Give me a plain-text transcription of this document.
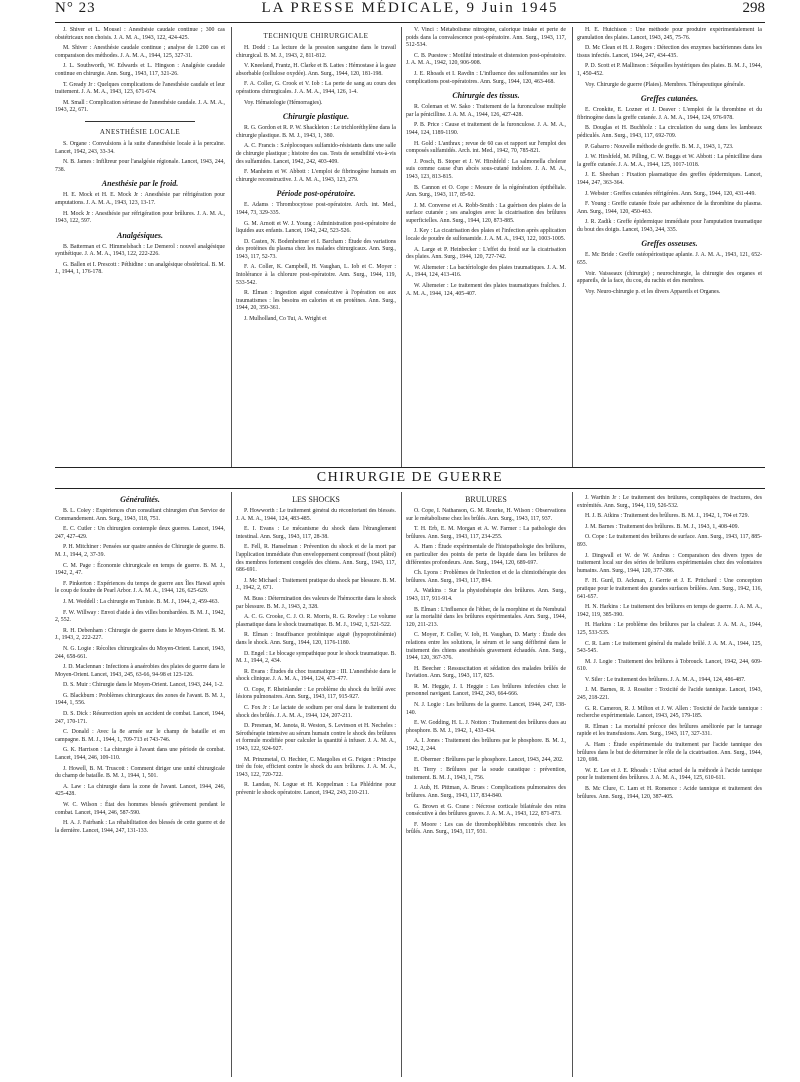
N° 23	LA PRESSE MÉDICALE, 9 Juin 1945	298

J. Shiver et L. Mousel : Anesthésie caudale continue ; 300 cas obstétricaux non choisis. J. A. M. A., 1943, 122, 424-425.

M. Shiver : Anesthésie caudale continue ; analyse de 1.200 cas et comparaison des méthodes. J. A. M. A., 1944, 125, 327-31.

J. L. Southworth, W. Edwards et L. Hingson : Analgésie caudale continue en chirurgie. Ann. Surg., 1943, 117, 321-26.

T. Gready Jr : Quelques complications de l'anesthésie caudale et leur traitement. J. A. M. A., 1943, 123, 671-674.

M. Small : Complication sérieuse de l'anesthésie caudale. J. A. M. A., 1943, 22, 671.

ANESTHÉSIE LOCALE

S. Organe : Convulsions à la suite d'anesthésie locale à la percaïne. Lancet, 1942, 243, 33-34.

N. B. James : Infiltreur pour l'analgésie régionale. Lancet, 1943, 244, 738.

Anesthésie par le froid.

H. E. Mock et H. E. Mock Jr : Anesthésie par réfrigération pour amputations. J. A. M. A., 1943, 123, 13-17.

H. Mock Jr : Anesthésie par réfrigération pour brûlures. J. A. M. A., 1943, 122, 597.

Analgésiques.

B. Batterman et C. Himmelsbach : Le Demerol : nouvel analgésique synthétique. J. A. M. A., 1943, 122, 222-226.

G. Ballen et I. Prescott : Péthidine : un analgésique obstétrical. B. M. J., 1944, 1, 176-178.

TECHNIQUE CHIRURGICALE

H. Dodd : La lecture de la pression sanguine dans le travail chirurgical. B. M. J., 1943, 2, 811-812.

V. Kneeland, Frantz, H. Clarke et B. Lattes : Hémostase à la gaze absorbable (cellulose oxydée). Ann. Surg., 1944, 120, 181-198.

F. A. Coller, G. Crook et V. Iob : La perte de sang au cours des opérations chirurgicales. J. A. M. A., 1944, 126, 1-4.

Voy. Hématologie (Hémorragies).

Chirurgie plastique.

R. G. Gordon et R. P. W. Shackleton : Le trichloréthylène dans la chirurgie plastique. B. M. J., 1943, 1, 380.

A. C. Francis : S.réplocoques sulfamido-résistants dans une salle de chirurgie plastique ; histoire des cas. Tests de sensibilité vis-à-vis des sulfamides. Lancet, 1942, 242, 403-409.

F. Manheim et W. Abbott : L'emploi de fibrinogène humain en chirurgie reconstructive. J. A. M. A., 1943, 123, 279.

Période post-opératoire.

E. Adams : Thrombocytose post-opératoire. Arch. int. Med., 1944, 73, 329-335.

G. M. Arnott et W. J. Young : Administration post-opératoire de liquides aux enfants. Lancet, 1942, 242, 523-526.

D. Casten, N. Bodenheimer et I. Barcham : Étude des variations des protéines du plasma chez les malades chirurgicaux. Ann. Surg., 1943, 117, 52-73.

F. A. Coller, K. Campbell, H. Vaughan, L. Iob et C. Moyer : Intolérance à la chlorure post-opératoire. Ann. Surg., 1944, 119, 533-542.

R. Elman : Ingestion aiguë consécutive à l'opération ou aux traumatismes : les besoins en calories et en protéines. Ann. Surg., 1944, 20, 350-361.

J. Mulholland, Co Tui, A. Wright et

V. Vinci : Métabolisme nitrogène, calorique intake et perte de poids dans la convalescence post-opératoire. Ann. Surg., 1943, 117, 512-534.

C. B. Puestow : Motilité intestinale et distension post-opératoire. J. A. M. A., 1942, 120, 906-908.

J. E. Rhoads et I. Ravdin : L'influence des sulfonamides sur les complications post-opératoires. Ann. Surg., 1944, 120, 463-468.

Chirurgie des tissus.

R. Coleman et W. Sako : Traitement de la furonculose multiple par la pénicilline. J. A. M. A., 1944, 126, 427-428.

P. B. Price : Cause et traitement de la furonculose. J. A. M. A., 1944, 124, 1189-1190.

H. Gold : L'anthrax ; revue de 60 cas et rapport sur l'emploi des composés sulfamidés. Arch. int. Med., 1942, 70, 785-821.

J. Posch, B. Stoper et J. W. Hirshfeld : La salmonella choleræ suis comme cause d'un abcès sous-cutané indolore. J. A. M. A., 1943, 123, 813-815.

B. Cannon et O. Cope : Mesure de la régénération épithéliale. Ann. Surg., 1943, 117, 85-92.

J. M. Converse et A. Robb-Smith : La guérison des plaies de la surface cutanée ; ses analogies avec la cicatrisation des brûlures superficielles. Ann. Surg., 1944, 120, 873-885.

J. Key : La cicatrisation des plaies et l'infection après application locale de poudre de sulfonamide. J. A. M. A., 1943, 122, 1003-1005.

A. Large et P. Heinbecker : L'effet du froid sur la cicatrisation des plaies. Ann. Surg., 1944, 120, 727-742.

W. Altemeier : La bactériologie des plaies traumatiques. J. A. M. A., 1944, 124, 413-416.

W. Altemeier : Le traitement des plaies traumatiques fraîches. J. A. M. A., 1944, 124, 405-407.

H. E. Hutchison : Une méthode pour produire expérimentalement la granulation des plaies. Lancet, 1943, 245, 75-76.

D. Mc Clean et H. J. Rogers : Détection des enzymes bactériennes dans les tissus infectés. Lancet, 1944, 247, 434-435.

P. D. Scott et P. Mallinson : Séquelles hystériques des plaies. B. M. J., 1944, 1, 450-452.

Voy. Chirurgie de guerre (Plaies). Membres. Thérapeutique générale.

Greffes cutanées.

E. Cronkite, E. Lozner et J. Deaver : L'emploi de la thrombine et du fibrinogène dans la greffe cutanée. J. A. M. A., 1944, 124, 976-978.

B. Douglas et H. Buchholz : La circulation du sang dans les lambeaux pédiculés. Ann. Surg., 1943, 117, 692-709.

P. Gabarro : Nouvelle méthode de greffe. B. M. J., 1943, 1, 723.

J. W. Hirshfeld, M. Pilling, C. W. Buggs et W. Abbott : La pénicilline dans la greffe cutanée. J. A. M. A., 1944, 125, 1017-1018.

J. E. Sheehan : Fixation plasmatique des greffes épidermiques. Lancet, 1944, 247, 363-364.

J. Webster : Greffes cutanées réfrigérées. Ann. Surg., 1944, 120, 431-449.

F. Young : Greffe cutanée fixée par adhérence de la thrombine du plasma. Ann. Surg., 1944, 120, 450-463.

J. R. Zadik : Greffe épidermique immédiate pour l'amputation traumatique du bout des doigts. Lancet, 1943, 244, 335.

Greffes osseuses.

E. Mc Bride : Greffe ostéopériostique aplanie. J. A. M. A., 1943, 121, 652-655.

Voir. Vaisseaux (chirurgie) ; neurochirurgie, la chirurgie des organes et appareils, de la face, du cou, du rachis et des membres.

Voy. Neuro-chirurgie p. et les divers Appareils et Organes.

CHIRURGIE DE GUERRE
Généralités.	LES SHOCKS	BRULURES

B. L. Coley : Expériences d'un consultant chirurgien d'un Service de Commandement. Ann. Surg., 1943, 118, 751.

E. C. Cutler : Un chirurgien contemple deux guerres. Lancet, 1944, 247, 427-429.

P. H. Mitchiner : Pensées sur quatre années de Chirurgie de guerre. B. M. J., 1944, 2, 37-39.

C. M. Page : Économie chirurgicale en temps de guerre. B. M. J., 1942, 2, 47.

F. Pinkerton : Expériences du temps de guerre aux Îles Hawaï après le coup de foudre de Pearl Arbor. J. A. M. A., 1944, 126, 625-629.

J. M. Weddell : La chirurgie en Tunisie. B. M. J., 1944, 2, 459-463.

F. W. Willway : Envoi d'aide à des villes bombardées. B. M. J., 1942, 2, 552.

R. H. Debenham : Chirurgie de guerre dans le Moyen-Orient. B. M. J., 1943, 2, 222-227.

N. G. Logie : Récoltes chirurgicales du Moyen-Orient. Lancet, 1943, 244, 658-661.

J. D. Maclennan : Infections à anaérobies des plaies de guerre dans le Moyen-Orient. Lancet, 1943, 245, 63-66, 94-98 et 123-126.

D. S. Muir : Chirurgie dans le Moyen-Orient. Lancet, 1943, 244, 1-2.

G. Blackburn : Problèmes chirurgicaux des zones de l'avant. B. M. J., 1944, 1, 556.

D. S. Dick : Résurrection après un accident de combat. Lancet, 1944, 247, 170-171.

C. Donald : Avec la 8e armée sur le champ de bataille et en campagne. B. M. J., 1944, 1, 709-713 et 743-746.

G. K. Harrison : La chirurgie à l'avant dans une période de combat. Lancet, 1944, 246, 109-110.

J. Howell, B. M. Truscott : Comment diriger une unité chirurgicale du champ de bataille. B. M. J., 1944, 1, 501.

A. Law : La chirurgie dans la zone de l'avant. Lancet, 1944, 246, 425-428.

W. C. Wilson : État des hommes blessés grièvement pendant le combat. Lancet, 1944, 246, 587-590.

H. A. J. Fairbank : La réhabilitation des blessés de cette guerre et de la dernière. Lancet, 1944, 247, 131-133.

P. Howworth : Le traitement général du réconfortant des blessés. J. A. M. A., 1944, 124, 483-485.

E. I. Evans : Le mécanisme du shock dans l'étranglement intestinal. Ann. Surg., 1943, 117, 28-38.

E. Fell, R. Hanselman : Prévention du shock et de la mort par l'application immédiate d'un enveloppement compressif (bout plâtré) des membres fortement congelés des chiens. Ann. Surg., 1943, 117, 686-691.

J. Mc Michael : Traitement pratique du shock par blessure. B. M. J., 1942, 2, 671.

M. Buss : Détermination des valeurs de l'hémocrite dans le shock par blessure. B. M. J., 1943, 2, 328.

A. C. G. Crooke, C. J. O. R. Morris, R. G. Rowley : Le volume plasmatique dans le shock traumatique. B. M. J., 1942, 1, 521-522.

R. Elman : Insuffisance protéinique aiguë (hypoprotéinémie) dans le shock. Ann. Surg., 1944, 120, 1176-1180.

D. Engel : Le blocage sympathique pour le shock traumatique. B. M. J., 1944, 2, 434.

R. Evans : Études du choc traumatique : III. L'anesthésie dans le shock clinique. J. A. M. A., 1944, 124, 473-477.

O. Cope, F. Rheinlander : Le problème du shock du brûlé avec lésions pulmonaires. Ann. Surg., 1943, 117, 915-927.

C. Fox Jr : Le lactate de sodium per oral dans le traitement du shock des brûlés. J. A. M. A., 1944, 124, 207-211.

D. Presman, M. Janota, R. Weston, S. Levinson et H. Necheles : Sérothérapie intensive au sérum humain contre le shock des brûlures et formule modifiée pour calculer la quantité à infuser. J. A. M. A., 1943, 122, 924-927.

M. Prinzmetal, O. Hechter, C. Margolies et G. Feigen : Principe tiré du foie, efficient contre le shock du aux brûlures. J. A. M. A., 1943, 122, 720-722.

R. Landau, N. Logue et H. Koppelman : La Phlédrine pour prévenir le shock opératoire. Lancet, 1942, 243, 210-211.

O. Cope, I. Nathanson, G. M. Rourke, H. Wilson : Observations sur le métabolisme chez les brûlés. Ann. Surg., 1943, 117, 937.

T. H. Erb, E. M. Morgan et A. W. Farmer : La pathologie des brûlures. Ann. Surg., 1943, 117, 234-255.

A. Ham : Étude expérimentale de l'histopathologie des brûlures, en particulier des points de perte de liquide dans les brûlures de différentes profondeurs. Ann. Surg., 1944, 120, 689-697.

Ch. Lyons : Problèmes de l'infection et de la chimiothérapie des brûlures. Ann. Surg., 1943, 117, 894.

A. Watkins : Sur la physiothérapie des brûlures. Ann. Surg., 1943, 117, 911-914.

B. Elman : L'influence de l'éther, de la morphine et du Nembutal sur la mortalité dans les brûlures expérimentales. Ann. Surg., 1944, 120, 211-213.

C. Moyer, F. Coller, V. Iob, H. Vaughan, D. Marty : Étude des relations entre les solutions, le sérum et le sang défibriné dans le traitement des chiens anesthésiés gravement échaudés. Ann. Surg., 1944, 120, 367-376.

H. Beecher : Ressuscitation et sédation des malades brûlés de l'aviation. Ann. Surg., 1943, 117, 825.

R. M. Heggie, J. I. Heggie : Les brûlures infectées chez le personnel navigant. Lancet, 1942, 243, 664-666.

N. J. Logie : Les brûlures de la guerre. Lancet, 1944, 247, 138-140.

E. W. Godding, H. L. J. Notton : Traitement des brûlures dues au phosphore. B. M. J., 1942, 1, 433-434.

A. I. Jones : Traitement des brûlures par le phosphore. B. M. J., 1942, 2, 244.

E. Obermer : Brûlures par le phosphore. Lancet, 1943, 244, 202.

H. Terry : Brûlures par la soude caustique : prévention, traitement. B. M. J., 1943, 1, 756.

J. Aub, H. Pittman, A. Brues : Complications pulmonaires des brûlures. Ann. Surg., 1943, 117, 834-840.

G. Brown et G. Crane : Nécrose corticale bilatérale des reins consécutive à des brûlures graves. J. A. M. A., 1943, 122, 871-873.

F. Moore : Les cas de thrombophlébites rencontrés chez les brûlés. Ann. Surg., 1943, 117, 931.

J. Warthin Jr : Le traitement des brûlures, compliquées de fractures, des extrémités. Ann. Surg., 1944, 119, 526-532.

H. J. B. Atkins : Traitement des brûlures. B. M. J., 1942, 1, 704 et 729.

J. M. Barnes : Traitement des brûlures. B. M. J., 1943, 1, 408-409.

O. Cope : Le traitement des brûlures de surface. Ann. Surg., 1943, 117, 885-893.

J. Dingwall et W. de W. Andrus : Comparaison des divers types de traitement local sur des séries de brûlures expérimentales chez des volontaires humains. Ann. Surg., 1944, 120, 377-386.

F. H. Gurd, D. Ackman, J. Gerrie et J. E. Pritchard : Une conception pratique pour le traitement des grandes surfaces brûlées. Ann. Surg., 1942, 116, 641-657.

H. N. Harkins : Le traitement des brûlures en temps de guerre. J. A. M. A., 1942, 119, 385-390.

H. Harkins : Le problème des brûlures par la chaleur. J. A. M. A., 1944, 125, 533-535.

C. R. Lam : Le traitement général du malade brûlé. J. A. M. A., 1944, 125, 543-545.

M. J. Logie : Traitement des brûlures à Tobrouck. Lancet, 1942, 244, 609-610.

V. Siler : Le traitement des brûlures. J. A. M. A., 1944, 124, 486-487.

J. M. Barnes, R. J. Rossiter : Toxicité de l'acide tannique. Lancet, 1943, 245, 218-221.

G. R. Cameron, R. J. Milton et J. W. Allen : Toxicité de l'acide tannique : recherche expérimentale. Lancet, 1943, 245, 179-185.

R. Elman : La mortalité précoce des brûlures améliorée par le tannage rapide et les transfusions. Ann. Surg., 1943, 117, 327-331.

A. Ham : Étude expérimentale du traitement par l'acide tannique des brûlures dans le but de déterminer le rôle de la cicatrisation. Ann. Surg., 1944, 120, 698.

W. E. Lee et J. E. Rhoads : L'état actuel de la méthode à l'acide tannique pour le traitement des brûlures. J. A. M. A., 1944, 125, 610-611.

B. Mc Clure, C. Lam et H. Romence : Acide tannique et traitement des brûlures. Ann. Surg., 1944, 120, 387-405.
